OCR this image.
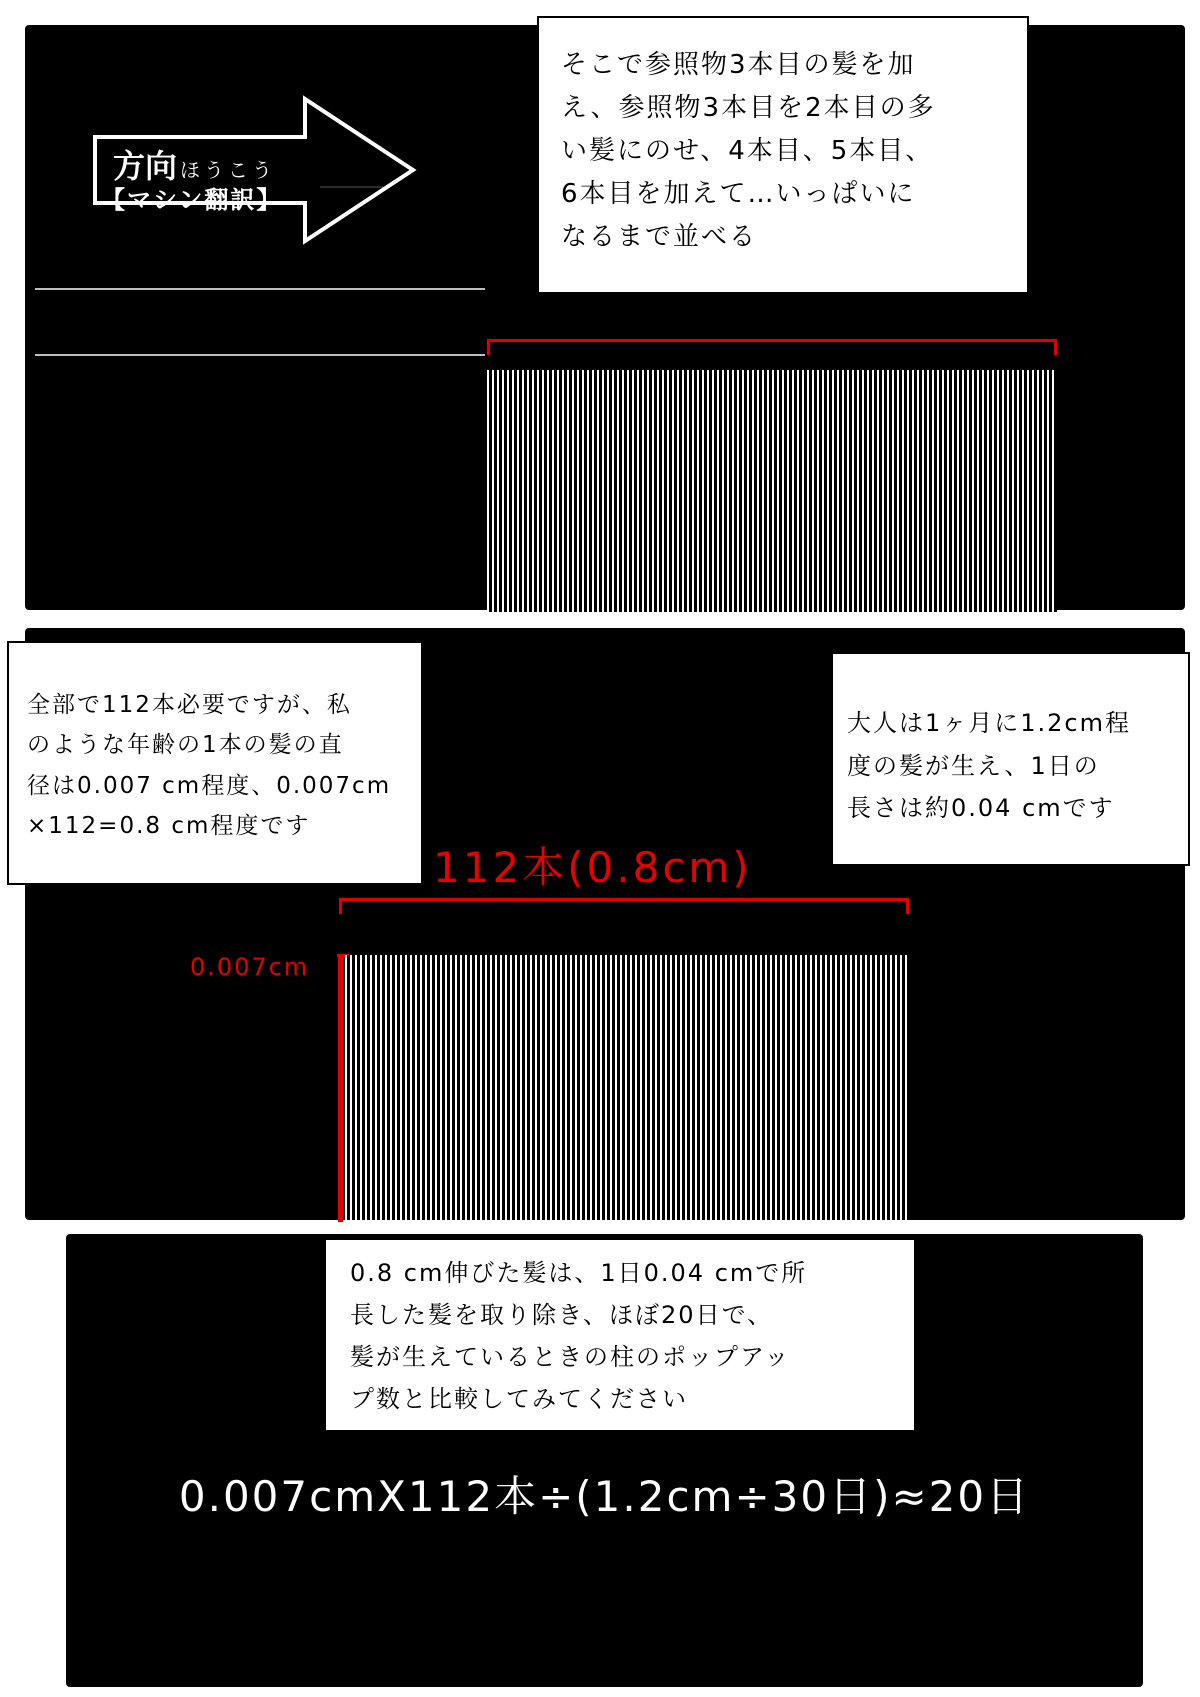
方向 ほうこう
【マシン翻訳】
そこで参照物3本目の髪を加
え、参照物3本目を2本目の多
い髪にのせ、4本目、5本目、
6本目を加えて…いっぱいに
なるまで並べる
112本(0.8cm)
0.007cm
全部で112本必要ですが、私
のような年齢の1本の髪の直
径は0.007 cm程度、0.007cm
×112=0.8 cm程度です
大人は1ヶ月に1.2cm程
度の髪が生え、1日の
長さは約0.04 cmです
0.007cmX112本÷(1.2cm÷30日)≈20日
0.8 cm伸びた髪は、1日0.04 cmで所
長した髪を取り除き、ほぼ20日で、
髪が生えているときの柱のポップアッ
プ数と比較してみてください
